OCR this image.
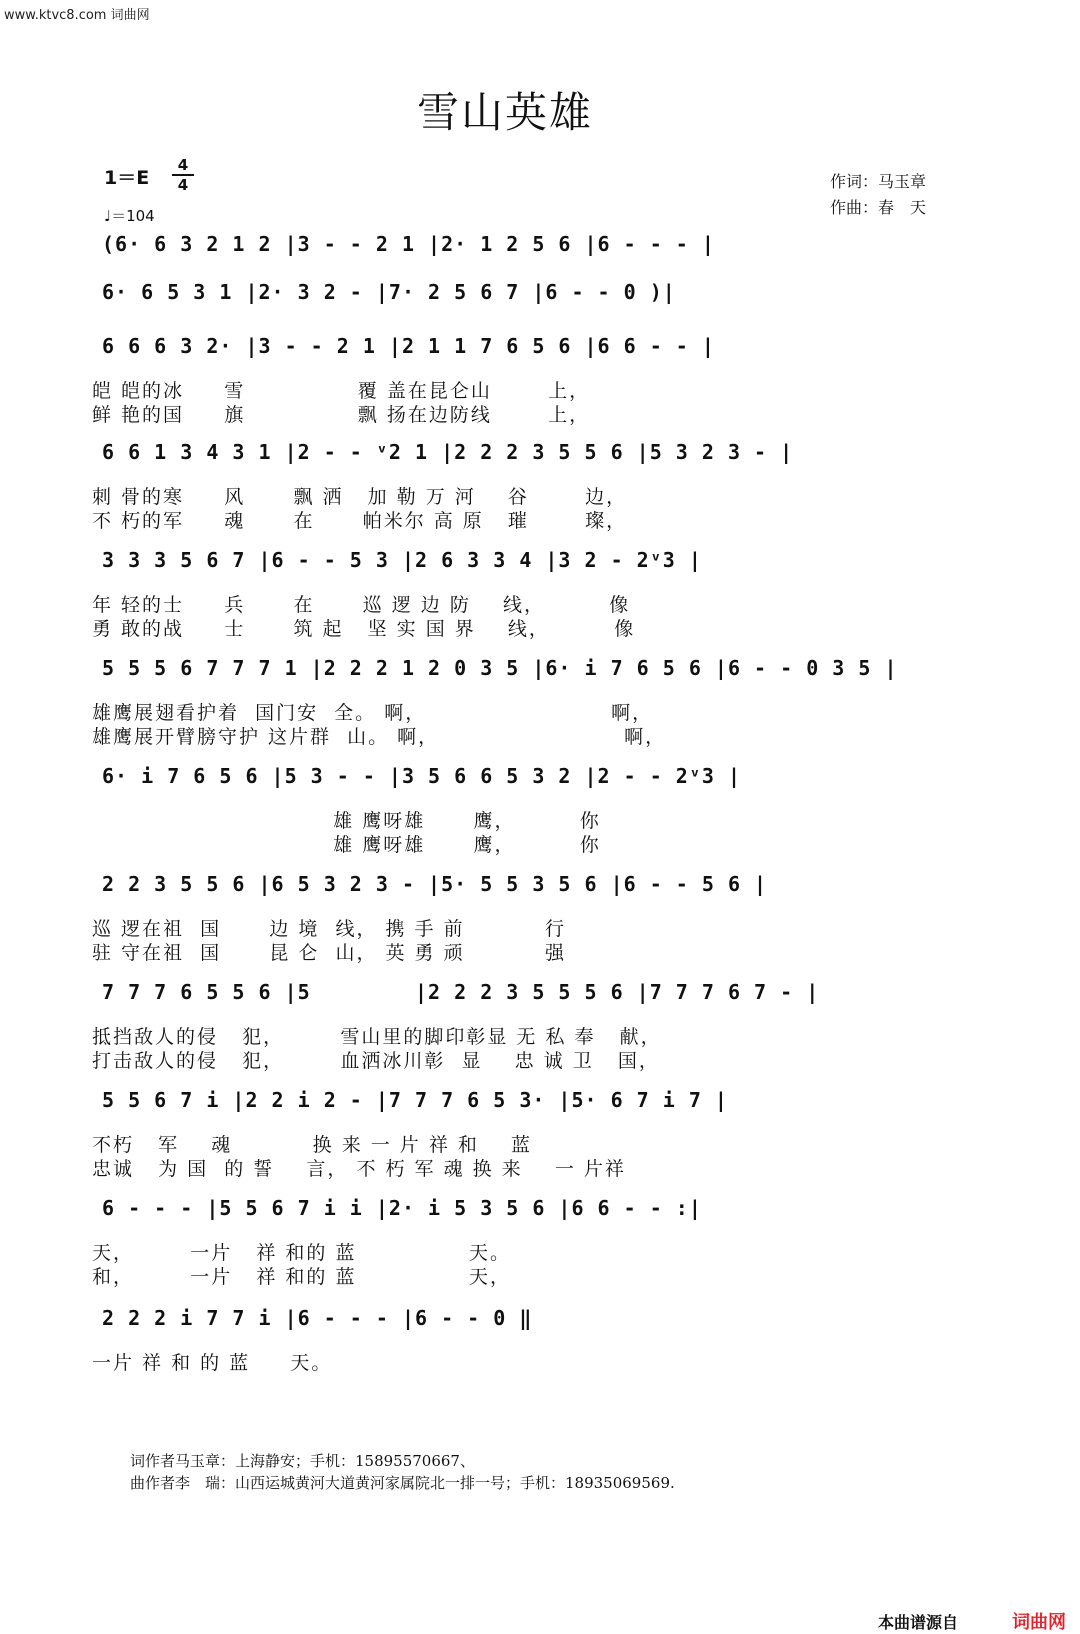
www.ktvc8.com 词曲网
雪山英雄
1＝E
4
4
♩＝104
作词：马玉章
作曲：春　天
(6· 6 3 2 1 2 |3 - - 2 1 |2· 1 2 5 6 |6 - - - |
6· 6 5 3 1 |2· 3 2 - |7· 2 5 6 7 |6 - - 0 )|
6 6 6 3 2· |3 - - 2 1 |2 1 1 7 6 5 6 |6 6 - - |
皑 皑的冰     雪              覆 盖在昆仑山       上，
鲜 艳的国     旗              飘 扬在边防线       上，
6 6 1 3 4 3 1 |2 - - ᵛ2 1 |2 2 2 3 5 5 6 |5 3 2 3 - |
刺 骨的寒     风      飘 洒   加 勒 万 河    谷       边，
不 朽的军     魂      在      帕米尔 高 原   璀       璨，
3 3 3 5 6 7 |6 - - 5 3 |2 6 3 3 4 |3 2 - 2ᵛ3 |
年 轻的士     兵      在      巡 逻 边 防    线，        像
勇 敢的战     士      筑 起   坚 实 国 界    线，        像
5 5 5 6 7 7 7 1 |2 2 2 1 2 0 3 5 |6· i 7 6 5 6 |6 - - 0 3 5 |
雄鹰展翅看护着  国门安  全。 啊，                       啊，
雄鹰展开臂膀守护 这片群  山。 啊，                       啊，
6· i 7 6 5 6 |5 3 - - |3 5 6 6 5 3 2 |2 - - 2ᵛ3 |
雄 鹰呀雄      鹰，        你
雄 鹰呀雄      鹰，        你
2 2 3 5 5 6 |6 5 3 2 3 - |5· 5 5 3 5 6 |6 - - 5 6 |
巡 逻在祖  国      边 境  线， 携 手 前          行
驻 守在祖  国      昆 仑  山， 英 勇 顽          强
7 7 7 6 5 5 6 |5        |2 2 2 3 5 5 5 6 |7 7 7 6 7 - |
抵挡敌人的侵   犯，       雪山里的脚印彰显 无 私 奉   献，
打击敌人的侵   犯，       血洒冰川彰  显    忠 诚 卫   国，
5 5 6 7 i |2 2 i 2 - |7 7 7 6 5 3· |5· 6 7 i 7 |
不朽   军    魂          换 来 一 片 祥 和    蓝
忠诚   为 国  的 誓    言， 不 朽 军 魂 换 来    一 片祥
6 - - - |5 5 6 7 i i |2· i 5 3 5 6 |6 6 - - :|
天，       一片   祥 和的 蓝              天。
和，       一片   祥 和的 蓝              天，
2 2 2 i 7 7 i |6 - - - |6 - - 0 ‖
一片 祥 和 的 蓝     天。
词作者马玉章：上海静安；手机：15895570667、
曲作者李　瑞：山西运城黄河大道黄河家属院北一排一号；手机：18935069569.
本曲谱源自	词曲网
